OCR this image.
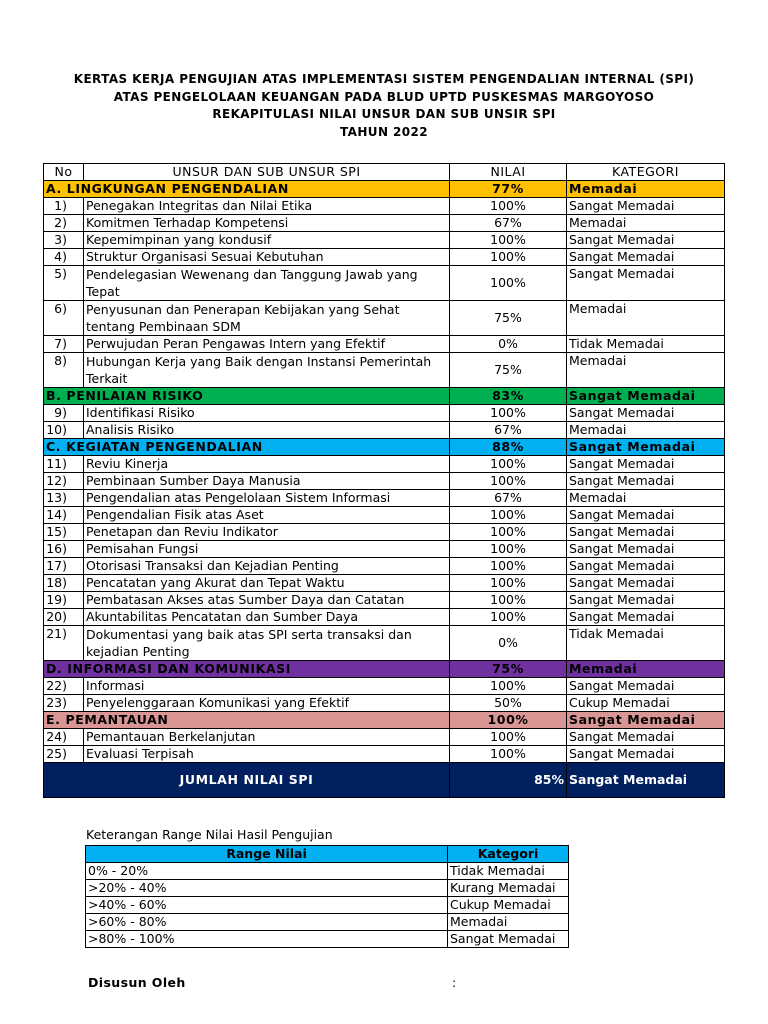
KERTAS KERJA PENGUJIAN ATAS IMPLEMENTASI SISTEM PENGENDALIAN INTERNAL (SPI)
ATAS PENGELOLAAN KEUANGAN PADA BLUD UPTD PUSKESMAS MARGOYOSO
REKAPITULASI NILAI UNSUR DAN SUB UNSIR SPI
TAHUN 2022
No	UNSUR DAN SUB UNSUR SPI	NILAI	KATEGORI
A. LINGKUNGAN PENGENDALIAN		77%	Memadai
1)	Penegakan Integritas dan Nilai Etika	100%	Sangat Memadai
2)	Komitmen Terhadap Kompetensi	67%	Memadai
3)	Kepemimpinan yang kondusif	100%	Sangat Memadai
4)	Struktur Organisasi Sesuai Kebutuhan	100%	Sangat Memadai
5)	Pendelegasian Wewenang dan Tanggung Jawab yang Tepat	100%	Sangat Memadai
6)	Penyusunan dan Penerapan Kebijakan yang Sehat tentang Pembinaan SDM	75%	Memadai
7)	Perwujudan Peran Pengawas Intern yang Efektif	0%	Tidak Memadai
8)	Hubungan Kerja yang Baik dengan Instansi Pemerintah Terkait	75%	Memadai
B. PENILAIAN RISIKO		83%	Sangat Memadai
9)	Identifikasi Risiko	100%	Sangat Memadai
10)	Analisis Risiko	67%	Memadai
C. KEGIATAN PENGENDALIAN		88%	Sangat Memadai
11)	Reviu Kinerja	100%	Sangat Memadai
12)	Pembinaan Sumber Daya Manusia	100%	Sangat Memadai
13)	Pengendalian atas Pengelolaan Sistem Informasi	67%	Memadai
14)	Pengendalian Fisik atas Aset	100%	Sangat Memadai
15)	Penetapan dan Reviu Indikator	100%	Sangat Memadai
16)	Pemisahan Fungsi	100%	Sangat Memadai
17)	Otorisasi Transaksi dan Kejadian Penting	100%	Sangat Memadai
18)	Pencatatan yang Akurat dan Tepat Waktu	100%	Sangat Memadai
19)	Pembatasan Akses atas Sumber Daya dan Catatan	100%	Sangat Memadai
20)	Akuntabilitas Pencatatan dan Sumber Daya	100%	Sangat Memadai
21)	Dokumentasi yang baik atas SPI serta transaksi dan kejadian Penting	0%	Tidak Memadai
D. INFORMASI DAN KOMUNIKASI		75%	Memadai
22)	Informasi	100%	Sangat Memadai
23)	Penyelenggaraan Komunikasi yang Efektif	50%	Cukup Memadai
E. PEMANTAUAN		100%	Sangat Memadai
24)	Pemantauan Berkelanjutan	100%	Sangat Memadai
25)	Evaluasi Terpisah	100%	Sangat Memadai
JUMLAH NILAI SPI		85%	Sangat Memadai
Keterangan Range Nilai Hasil Pengujian
Range Nilai	Kategori
0% - 20%	Tidak Memadai
>20% - 40%	Kurang Memadai
>40% - 60%	Cukup Memadai
>60% - 80%	Memadai
>80% - 100%	Sangat Memadai
Disusun Oleh	:
